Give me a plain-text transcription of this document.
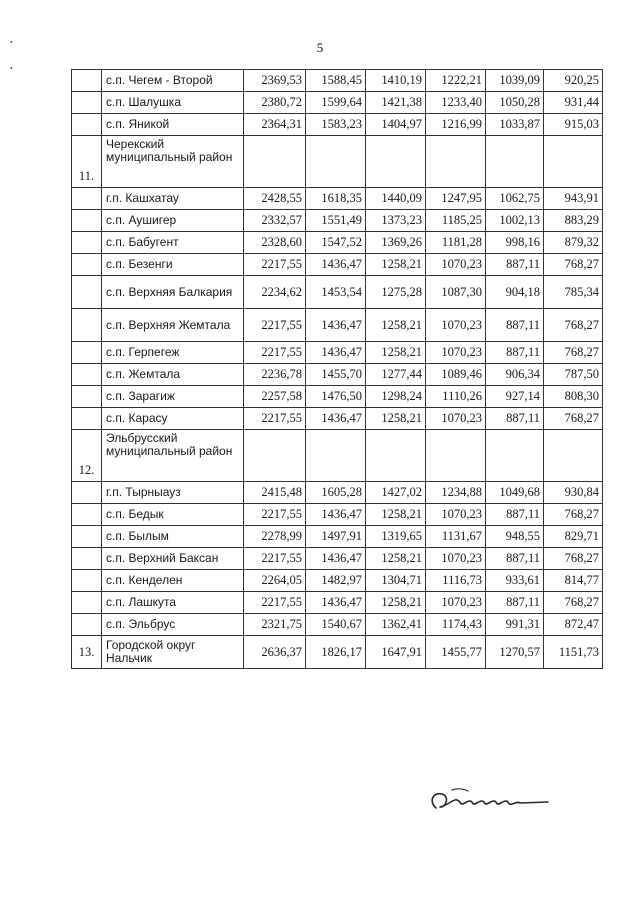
5
•
•
	с.п. Чегем - Второй	2369,53	1588,45	1410,19	1222,21	1039,09	920,25
	с.п. Шалушка	2380,72	1599,64	1421,38	1233,40	1050,28	931,44
	с.п. Яникой	2364,31	1583,23	1404,97	1216,99	1033,87	915,03
11.	Черекский муниципальный район						
	г.п. Кашхатау	2428,55	1618,35	1440,09	1247,95	1062,75	943,91
	с.п. Аушигер	2332,57	1551,49	1373,23	1185,25	1002,13	883,29
	с.п. Бабугент	2328,60	1547,52	1369,26	1181,28	998,16	879,32
	с.п. Безенги	2217,55	1436,47	1258,21	1070,23	887,11	768,27
	с.п. Верхняя Балкария	2234,62	1453,54	1275,28	1087,30	904,18	785,34
	с.п. Верхняя Жемтала	2217,55	1436,47	1258,21	1070,23	887,11	768,27
	с.п. Герпегеж	2217,55	1436,47	1258,21	1070,23	887,11	768,27
	с.п. Жемтала	2236,78	1455,70	1277,44	1089,46	906,34	787,50
	с.п. Зарагиж	2257,58	1476,50	1298,24	1110,26	927,14	808,30
	с.п. Карасу	2217,55	1436,47	1258,21	1070,23	887,11	768,27
12.	Эльбрусский муниципальный район						
	г.п. Тырныауз	2415,48	1605,28	1427,02	1234,88	1049,68	930,84
	с.п. Бедык	2217,55	1436,47	1258,21	1070,23	887,11	768,27
	с.п. Былым	2278,99	1497,91	1319,65	1131,67	948,55	829,71
	с.п. Верхний Баксан	2217,55	1436,47	1258,21	1070,23	887,11	768,27
	с.п. Кенделен	2264,05	1482,97	1304,71	1116,73	933,61	814,77
	с.п. Лашкута	2217,55	1436,47	1258,21	1070,23	887,11	768,27
	с.п. Эльбрус	2321,75	1540,67	1362,41	1174,43	991,31	872,47
13.	Городской округ Нальчик	2636,37	1826,17	1647,91	1455,77	1270,57	1151,73
